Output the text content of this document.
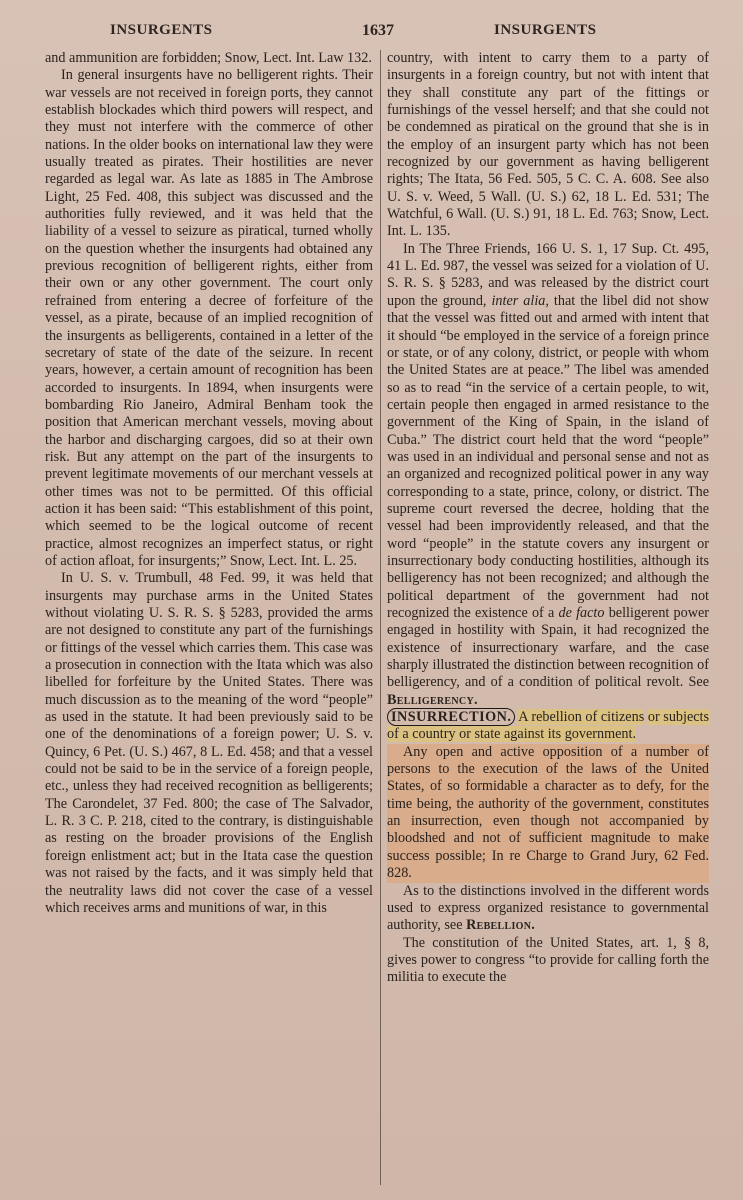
INSURGENTS	1637	INSURGENTS

and ammunition are forbidden; Snow, Lect. Int. Law 132.

In general insurgents have no belligerent rights. Their war vessels are not received in foreign ports, they cannot establish blockades which third powers will respect, and they must not interfere with the commerce of other nations. In the older books on international law they were usually treated as pirates. Their hostilities are never regarded as legal war. As late as 1885 in The Ambrose Light, 25 Fed. 408, this subject was discussed and the authorities fully reviewed, and it was held that the liability of a vessel to seizure as piratical, turned wholly on the question whether the insurgents had obtained any previous recognition of belligerent rights, either from their own or any other government. The court only refrained from entering a decree of forfeiture of the vessel, as a pirate, because of an implied recognition of the insurgents as belligerents, contained in a letter of the secretary of state of the date of the seizure. In recent years, however, a certain amount of recognition has been accorded to insurgents. In 1894, when insurgents were bombarding Rio Janeiro, Admiral Benham took the position that American merchant vessels, moving about the harbor and discharging cargoes, did so at their own risk. But any attempt on the part of the insurgents to prevent legitimate movements of our merchant vessels at other times was not to be permitted. Of this official action it has been said: “This establishment of this point, which seemed to be the logical outcome of recent practice, almost recognizes an imperfect status, or right of action afloat, for insurgents;” Snow, Lect. Int. L. 25.

In U. S. v. Trumbull, 48 Fed. 99, it was held that insurgents may purchase arms in the United States without violating U. S. R. S. § 5283, provided the arms are not designed to constitute any part of the furnishings or fittings of the vessel which carries them. This case was a prosecution in connection with the Itata which was also libelled for forfeiture by the United States. There was much discussion as to the meaning of the word “people” as used in the statute. It had been previously said to be one of the denominations of a foreign power; U. S. v. Quincy, 6 Pet. (U. S.) 467, 8 L. Ed. 458; and that a vessel could not be said to be in the service of a foreign people, etc., unless they had received recognition as belligerents; The Carondelet, 37 Fed. 800; the case of The Salvador, L. R. 3 C. P. 218, cited to the contrary, is distinguishable as resting on the broader provisions of the English foreign enlistment act; but in the Itata case the question was not raised by the facts, and it was simply held that the neutrality laws did not cover the case of a vessel which receives arms and munitions of war, in this

country, with intent to carry them to a party of insurgents in a foreign country, but not with intent that they shall constitute any part of the fittings or furnishings of the vessel herself; and that she could not be condemned as piratical on the ground that she is in the employ of an insurgent party which has not been recognized by our government as having belligerent rights; The Itata, 56 Fed. 505, 5 C. C. A. 608. See also U. S. v. Weed, 5 Wall. (U. S.) 62, 18 L. Ed. 531; The Watchful, 6 Wall. (U. S.) 91, 18 L. Ed. 763; Snow, Lect. Int. L. 135.

In The Three Friends, 166 U. S. 1, 17 Sup. Ct. 495, 41 L. Ed. 987, the vessel was seized for a violation of U. S. R. S. § 5283, and was released by the district court upon the ground, inter alia, that the libel did not show that the vessel was fitted out and armed with intent that it should “be employed in the service of a foreign prince or state, or of any colony, district, or people with whom the United States are at peace.” The libel was amended so as to read “in the service of a certain people, to wit, certain people then engaged in armed resistance to the government of the King of Spain, in the island of Cuba.” The district court held that the word “people” was used in an individual and personal sense and not as an organized and recognized political power in any way corresponding to a state, prince, colony, or district. The supreme court reversed the decree, holding that the vessel had been improvidently released, and that the word “people” in the statute covers any insurgent or insurrectionary body conducting hostilities, although its belligerency has not been recognized; and although the political department of the government had not recognized the existence of a de facto belligerent power engaged in hostility with Spain, it had recognized the existence of insurrectionary warfare, and the case sharply illustrated the distinction between recognition of belligerency, and of a condition of political revolt. See Belligerency.

INSURRECTION. A rebellion of citizens or subjects of a country or state against its government.

Any open and active opposition of a number of persons to the execution of the laws of the United States, of so formidable a character as to defy, for the time being, the authority of the government, constitutes an insurrection, even though not accompanied by bloodshed and not of sufficient magnitude to make success possible; In re Charge to Grand Jury, 62 Fed. 828.

As to the distinctions involved in the different words used to express organized resistance to governmental authority, see Rebellion.

The constitution of the United States, art. 1, § 8, gives power to congress “to provide for calling forth the militia to execute the
